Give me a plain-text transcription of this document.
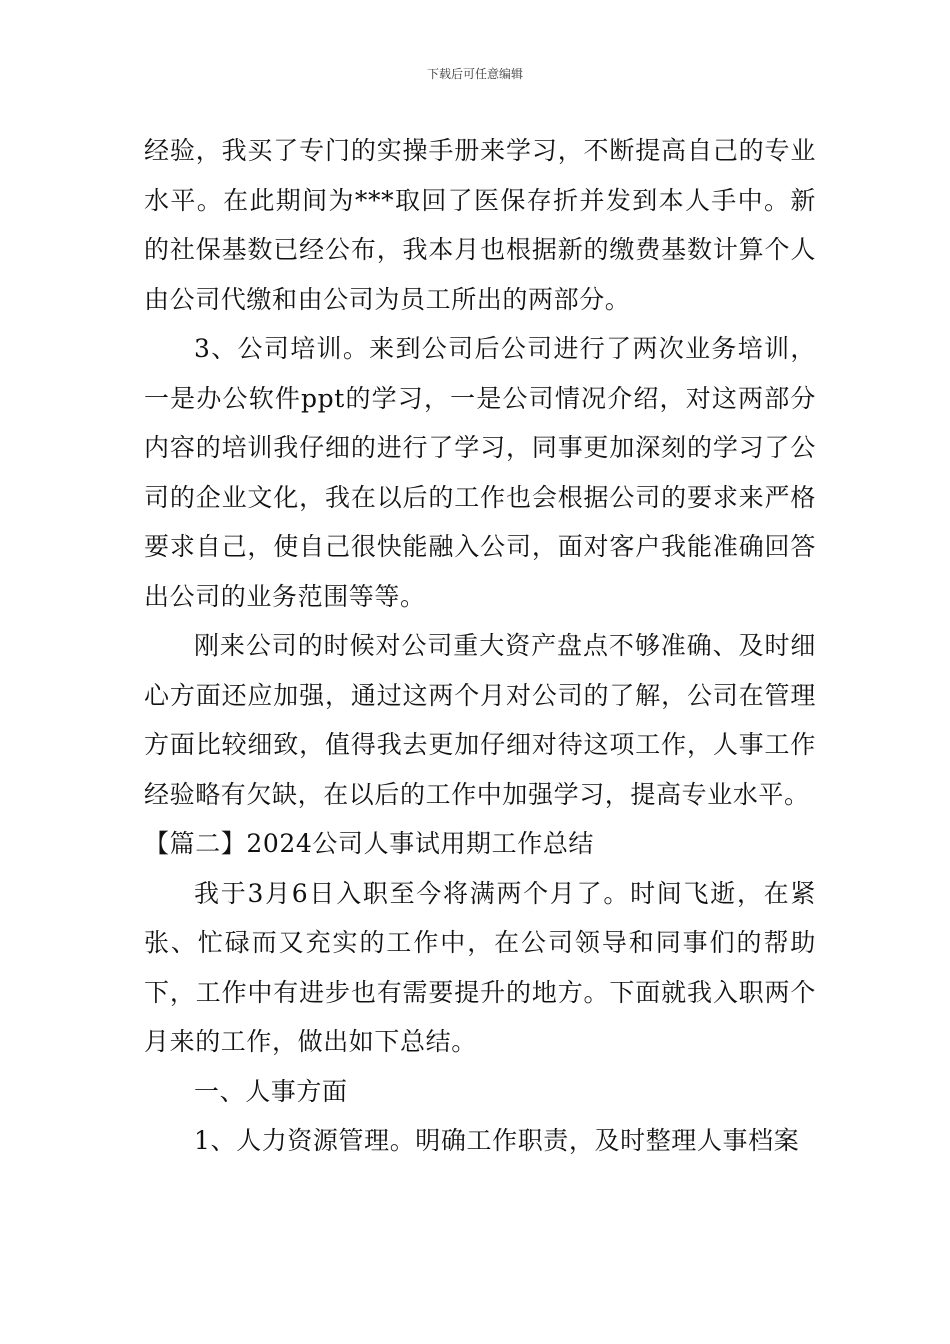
下载后可任意编辑

经验，我买了专门的实操手册来学习，不断提高自己的专业水平。在此期间为***取回了医保存折并发到本人手中。新的社保基数已经公布，我本月也根据新的缴费基数计算个人由公司代缴和由公司为员工所出的两部分。

3、公司培训。来到公司后公司进行了两次业务培训，一是办公软件ppt的学习，一是公司情况介绍，对这两部分内容的培训我仔细的进行了学习，同事更加深刻的学习了公司的企业文化，我在以后的工作也会根据公司的要求来严格要求自己，使自己很快能融入公司，面对客户我能准确回答出公司的业务范围等等。

刚来公司的时候对公司重大资产盘点不够准确、及时细心方面还应加强，通过这两个月对公司的了解，公司在管理方面比较细致，值得我去更加仔细对待这项工作，人事工作经验略有欠缺，在以后的工作中加强学习，提高专业水平。

【篇二】2024公司人事试用期工作总结

我于3月6日入职至今将满两个月了。时间飞逝，在紧张、忙碌而又充实的工作中，在公司领导和同事们的帮助下，工作中有进步也有需要提升的地方。下面就我入职两个月来的工作，做出如下总结。

一、人事方面

1、人力资源管理。明确工作职责，及时整理人事档案
